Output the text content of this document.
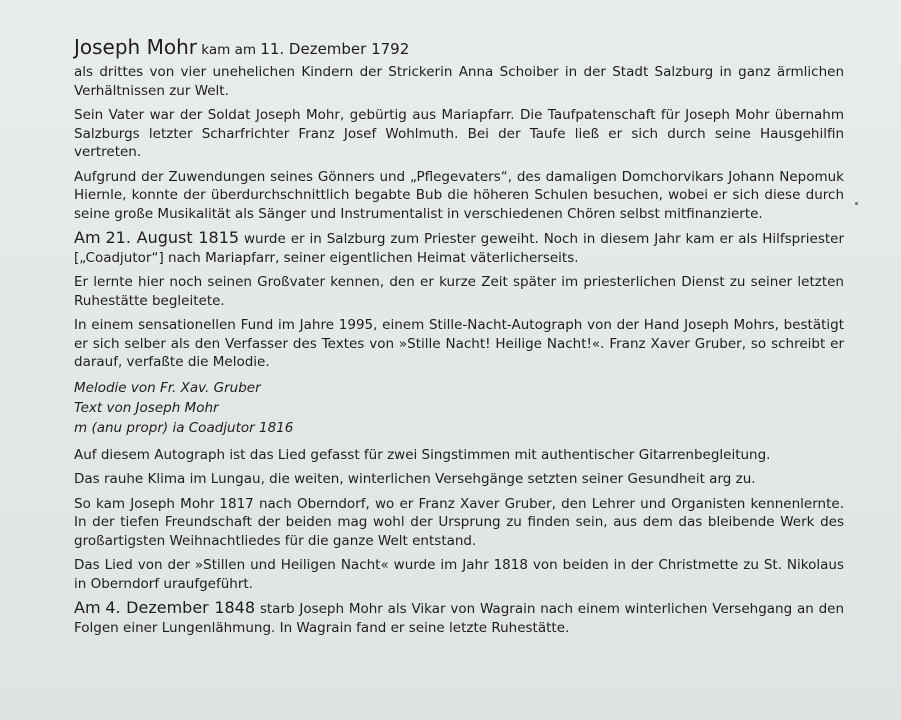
Joseph Mohr kam am 11. Dezember 1792

als drittes von vier unehelichen Kindern der Strickerin Anna Schoiber in der Stadt Salzburg in ganz ärmlichen Verhältnissen zur Welt.

Sein Vater war der Soldat Joseph Mohr, gebürtig aus Mariapfarr. Die Taufpatenschaft für Joseph Mohr übernahm Salzburgs letzter Scharfrichter Franz Josef Wohlmuth. Bei der Taufe ließ er sich durch seine Hausgehilfin vertreten.

Aufgrund der Zuwendungen seines Gönners und „Pflegevaters“, des damaligen Domchorvikars Johann Nepomuk Hiernle, konnte der überdurchschnittlich begabte Bub die höheren Schulen besuchen, wobei er sich diese durch seine große Musikalität als Sänger und Instrumentalist in verschiedenen Chören selbst mitfinanzierte.

Am 21. August 1815 wurde er in Salzburg zum Priester geweiht. Noch in diesem Jahr kam er als Hilfspriester [„Coadjutor“] nach Mariapfarr, seiner eigentlichen Heimat väterlicherseits.

Er lernte hier noch seinen Großvater kennen, den er kurze Zeit später im priesterlichen Dienst zu seiner letzten Ruhestätte begleitete.

In einem sensationellen Fund im Jahre 1995, einem Stille-Nacht-Autograph von der Hand Joseph Mohrs, bestätigt er sich selber als den Verfasser des Textes von »Stille Nacht! Heilige Nacht!«. Franz Xaver Gruber, so schreibt er darauf, verfaßte die Melodie.

Melodie von Fr. Xav. Gruber
Text von Joseph Mohr
m (anu propr) ia Coadjutor 1816

Auf diesem Autograph ist das Lied gefasst für zwei Singstimmen mit authentischer Gitarrenbegleitung.

Das rauhe Klima im Lungau, die weiten, winterlichen Versehgänge setzten seiner Gesundheit arg zu.

So kam Joseph Mohr 1817 nach Oberndorf, wo er Franz Xaver Gruber, den Lehrer und Organisten kennenlernte. In der tiefen Freundschaft der beiden mag wohl der Ursprung zu finden sein, aus dem das bleibende Werk des großartigsten Weihnachtliedes für die ganze Welt entstand.

Das Lied von der »Stillen und Heiligen Nacht« wurde im Jahr 1818 von beiden in der Christmette zu St. Nikolaus in Oberndorf uraufgeführt.

Am 4. Dezember 1848 starb Joseph Mohr als Vikar von Wagrain nach einem winterlichen Versehgang an den Folgen einer Lungenlähmung. In Wagrain fand er seine letzte Ruhestätte.
